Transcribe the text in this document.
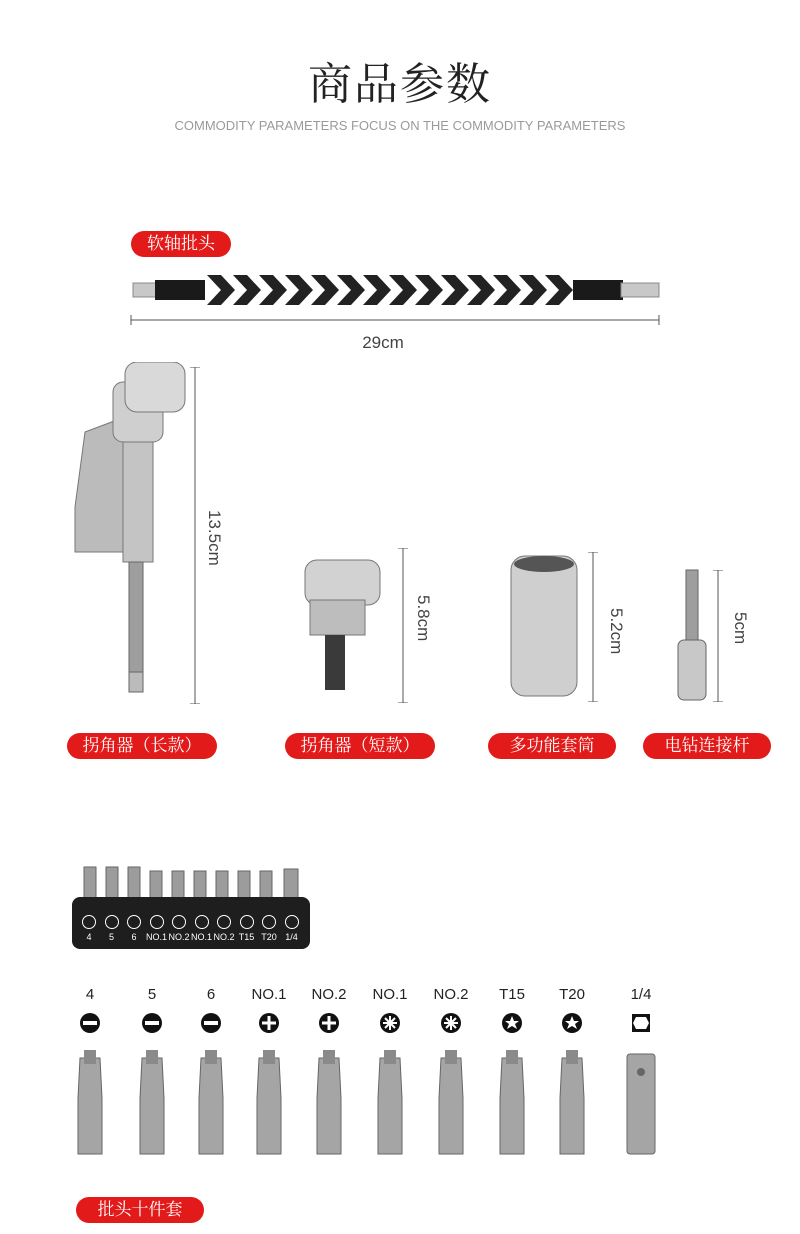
商品参数
COMMODITY PARAMETERS FOCUS ON THE COMMODITY PARAMETERS
软轴批头
29cm
13.5cm
拐角器（长款）
5.8cm
拐角器（短款）
5.2cm
多功能套筒
5cm
电钻连接杆
4	5	6	NO.1 NO.2 NO.1 NO.2 T15 T20 1/4
4	5	6	NO.1 NO.2 NO.1 NO.2	T15	T20	1/4
批头十件套
